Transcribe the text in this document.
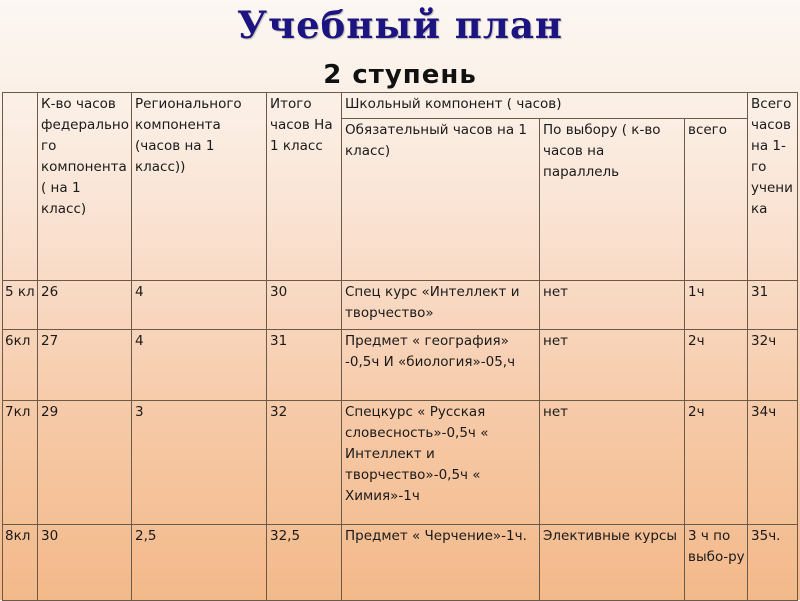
Учебный план
2 ступень
	К-во часов федерального компонента( на 1 класс)	Регионального компонента (часов на 1 класс))	Итого часов На 1 класс	Школьный компонент ( часов)			Всего часов на 1-го ученика
				Обязательный часов на 1 класс)	По выбору ( к-во часов на параллель	всего	
5 кл	26	4	30	Спец курс «Интеллект и творчество»	нет	1ч	31
6кл	27	4	31	Предмет « география» -0,5ч И «биология»-05,ч	нет	2ч	32ч
7кл	29	3	32	Спецкурс « Русская словесность»-0,5ч « Интеллект и творчество»-0,5ч « Химия»-1ч	нет	2ч	34ч
8кл	30	2,5	32,5	Предмет « Черчение»-1ч.	Элективные курсы	3 ч по выбо-ру	35ч.
